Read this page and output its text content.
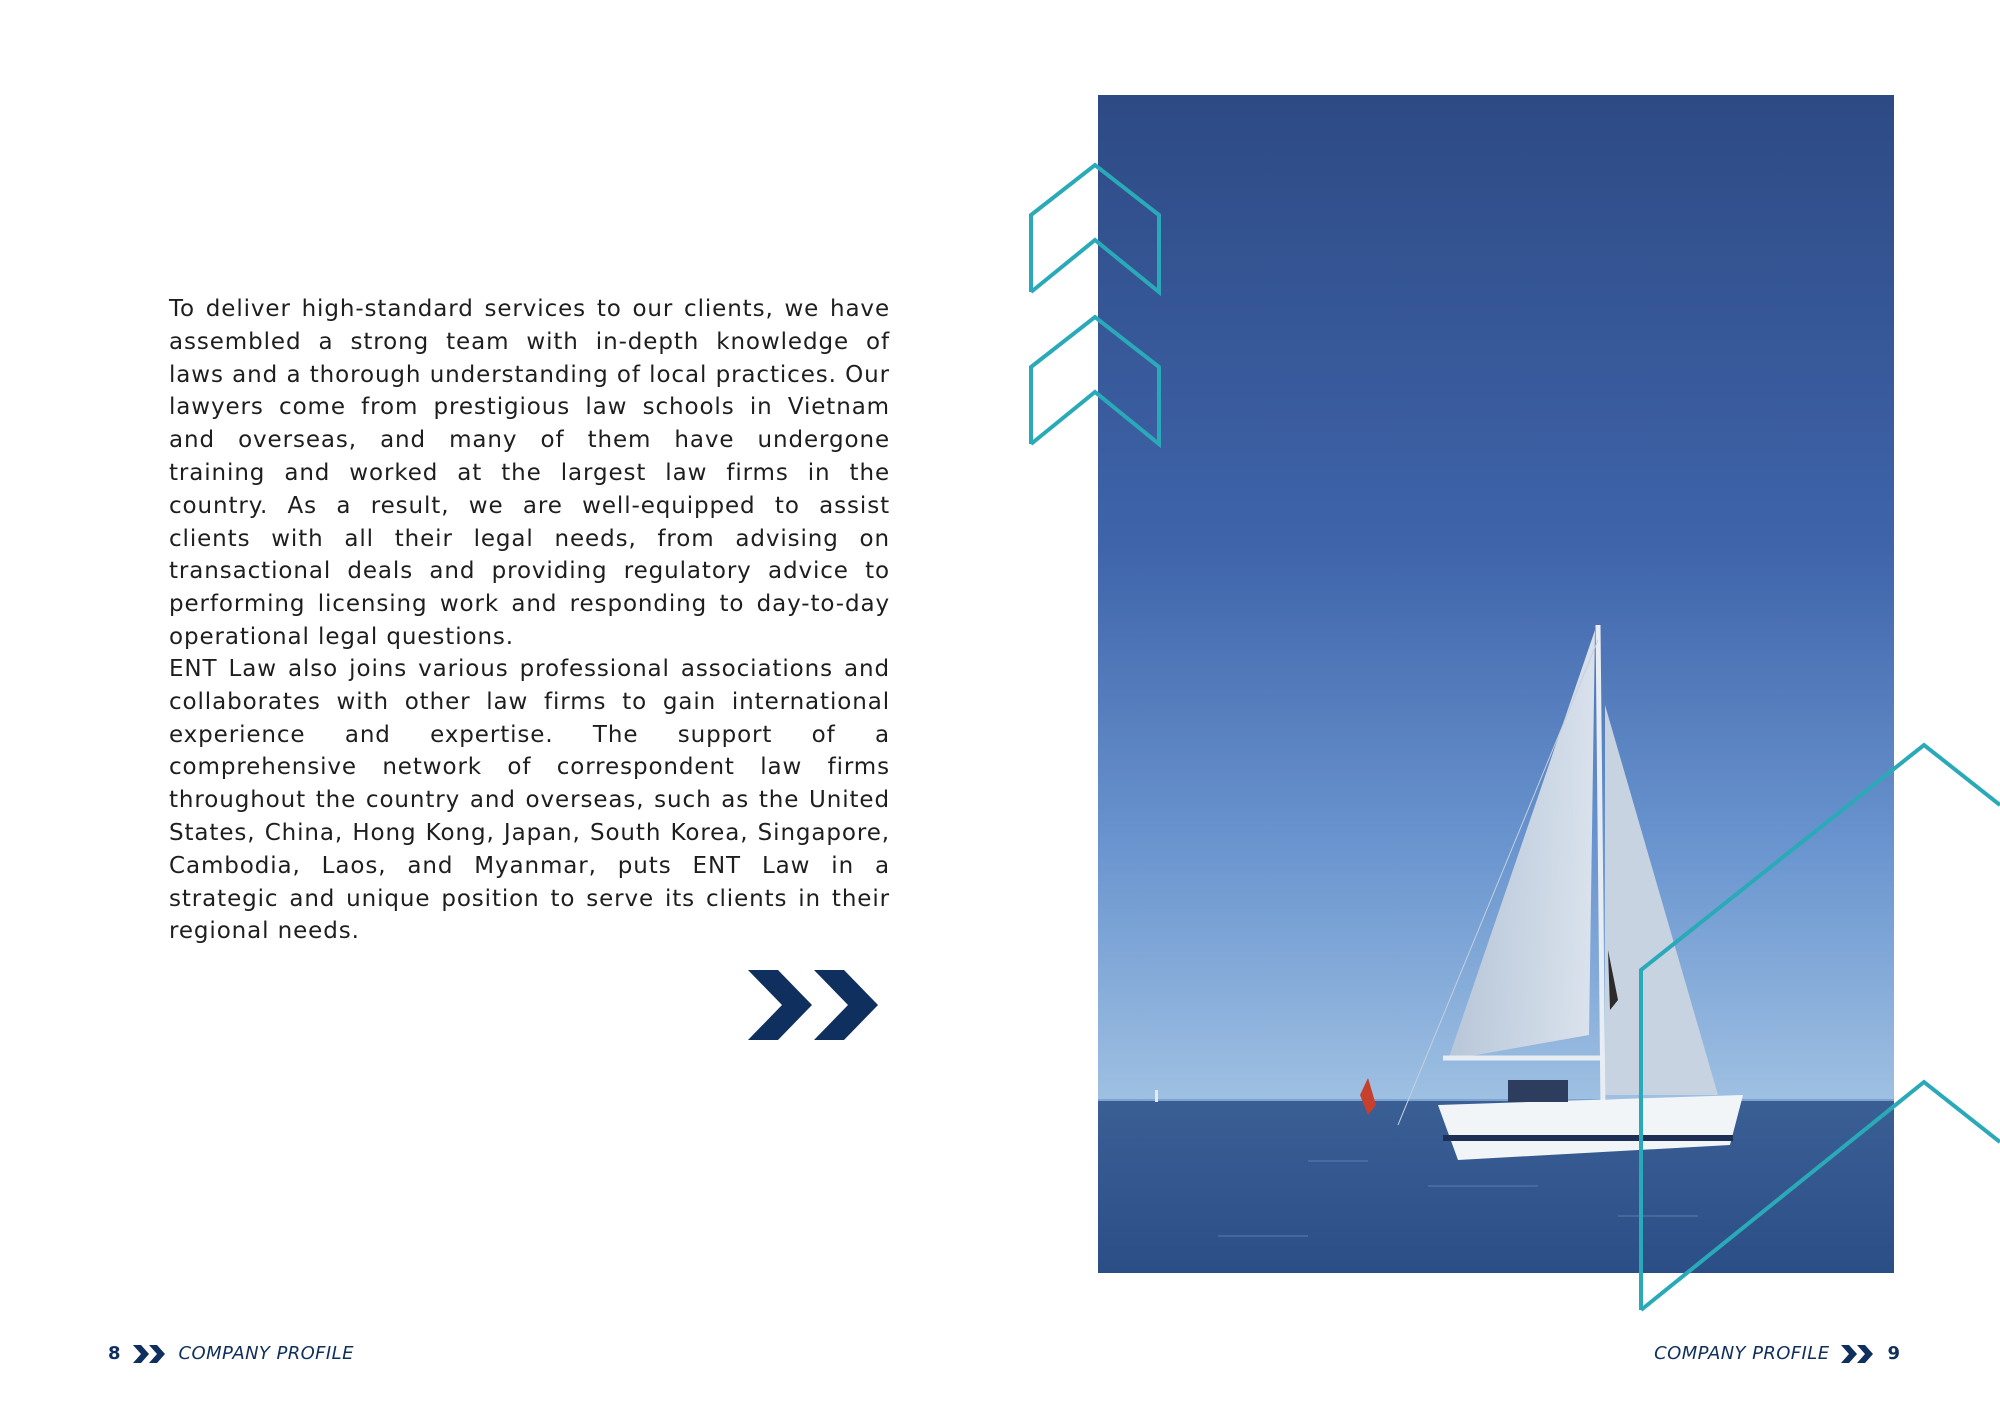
To deliver high-standard services to our clients, we have assembled a strong team with in-depth knowledge of laws and a thorough understanding of local practices. Our lawyers come from prestigious law schools in Vietnam and overseas, and many of them have undergone training and worked at the largest law firms in the country. As a result, we are well-equipped to assist clients with all their legal needs, from advising on transactional deals and providing regulatory advice to performing licensing work and responding to day-to-day operational legal questions.

ENT Law also joins various professional associations and collaborates with other law firms to gain international experience and expertise. The support of a comprehensive network of correspondent law firms throughout the country and overseas, such as the United States, China, Hong Kong, Japan, South Korea, Singapore, Cambodia, Laos, and Myanmar, puts ENT Law in a strategic and unique position to serve its clients in their regional needs.

8	COMPANY PROFILE	COMPANY PROFILE	9
